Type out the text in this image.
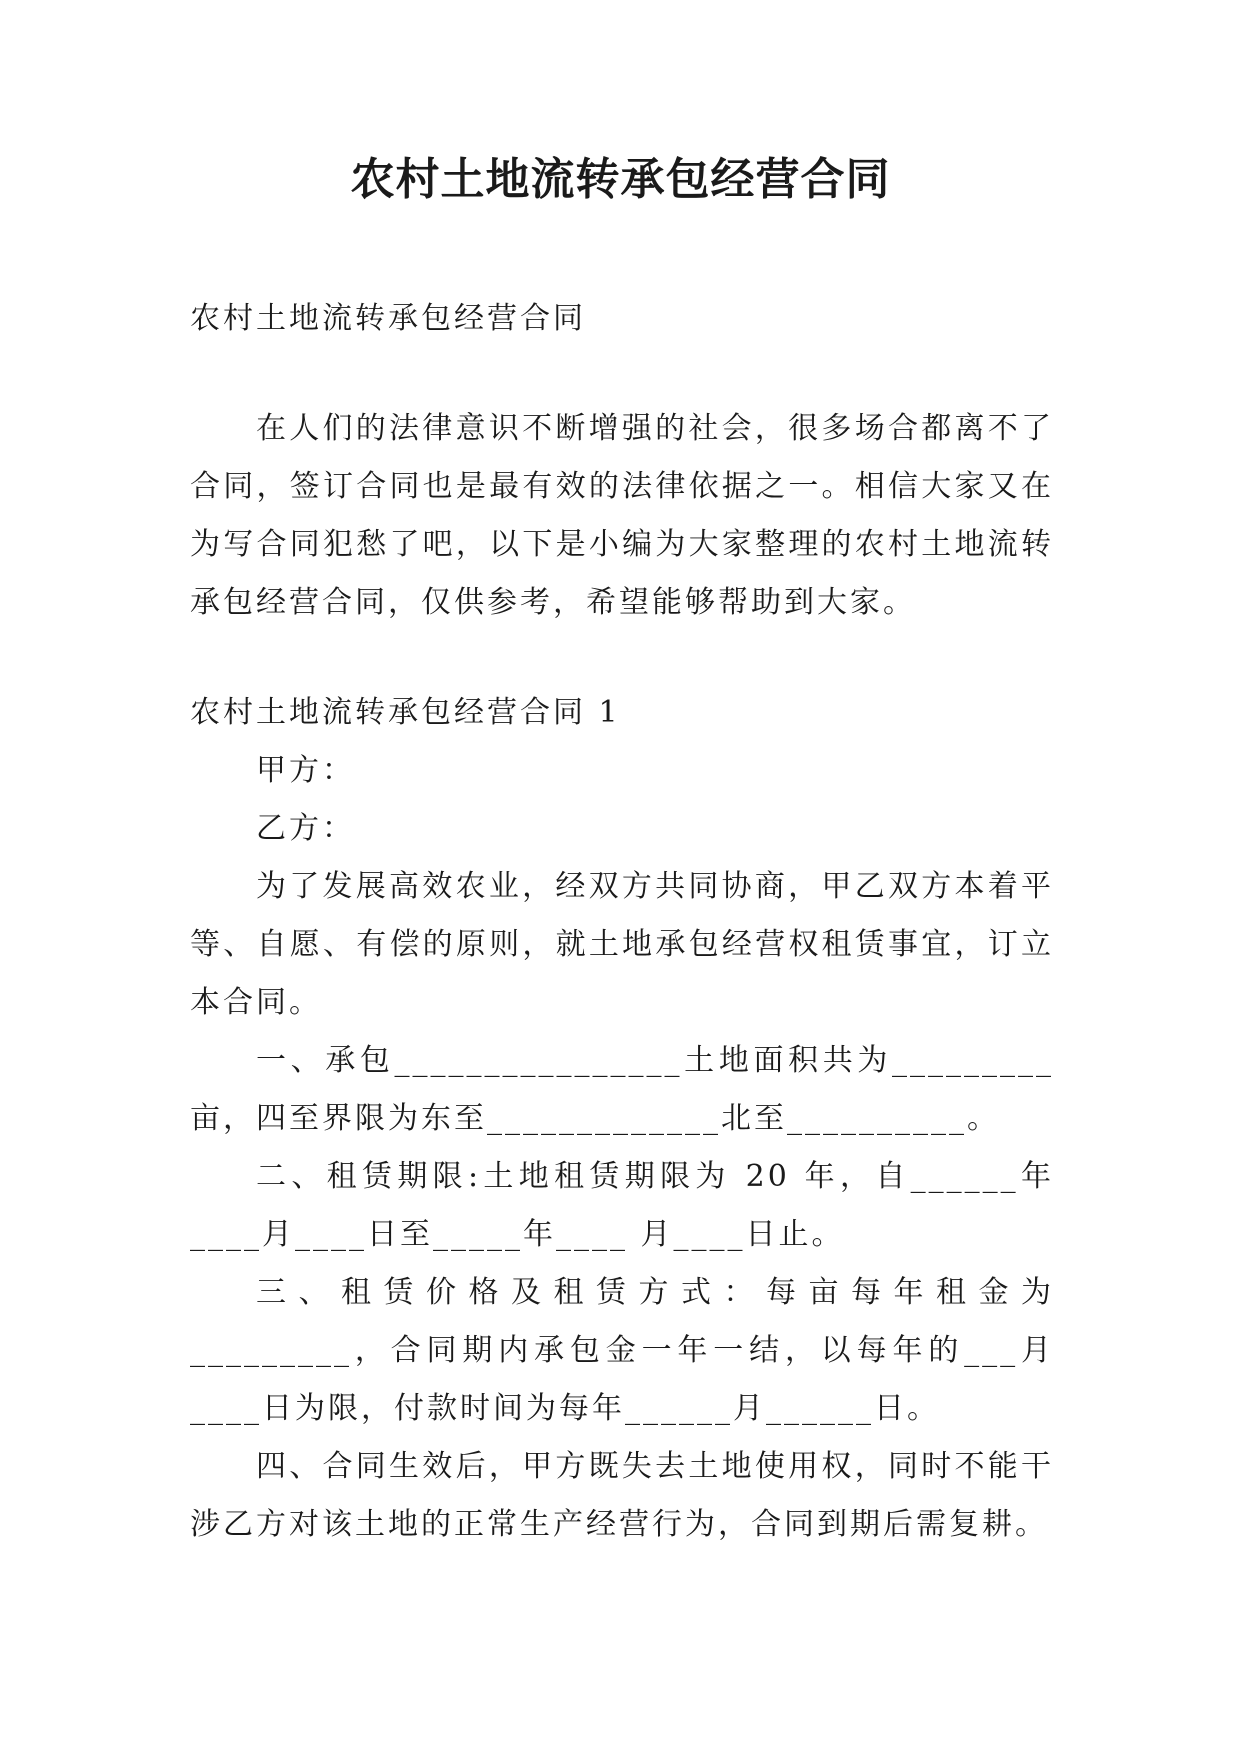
农村土地流转承包经营合同

农村土地流转承包经营合同

在人们的法律意识不断增强的社会，很多场合都离不了合同，签订合同也是最有效的法律依据之一。相信大家又在为写合同犯愁了吧，以下是小编为大家整理的农村土地流转承包经营合同，仅供参考，希望能够帮助到大家。

农村土地流转承包经营合同 1

甲方：

乙方：

为了发展高效农业，经双方共同协商，甲乙双方本着平等、自愿、有偿的原则，就土地承包经营权租赁事宜，订立本合同。

一、承包________________土地面积共为_________亩，四至界限为东至_____________北至__________。

二、租赁期限:土地租赁期限为 20 年，自______年____月____日至_____年____ 月____日止。

三、租赁价格及租赁方式：每亩每年租金为_________，合同期内承包金一年一结，以每年的___月____日为限，付款时间为每年______月______日。

四、合同生效后，甲方既失去土地使用权，同时不能干涉乙方对该土地的正常生产经营行为，合同到期后需复耕。
